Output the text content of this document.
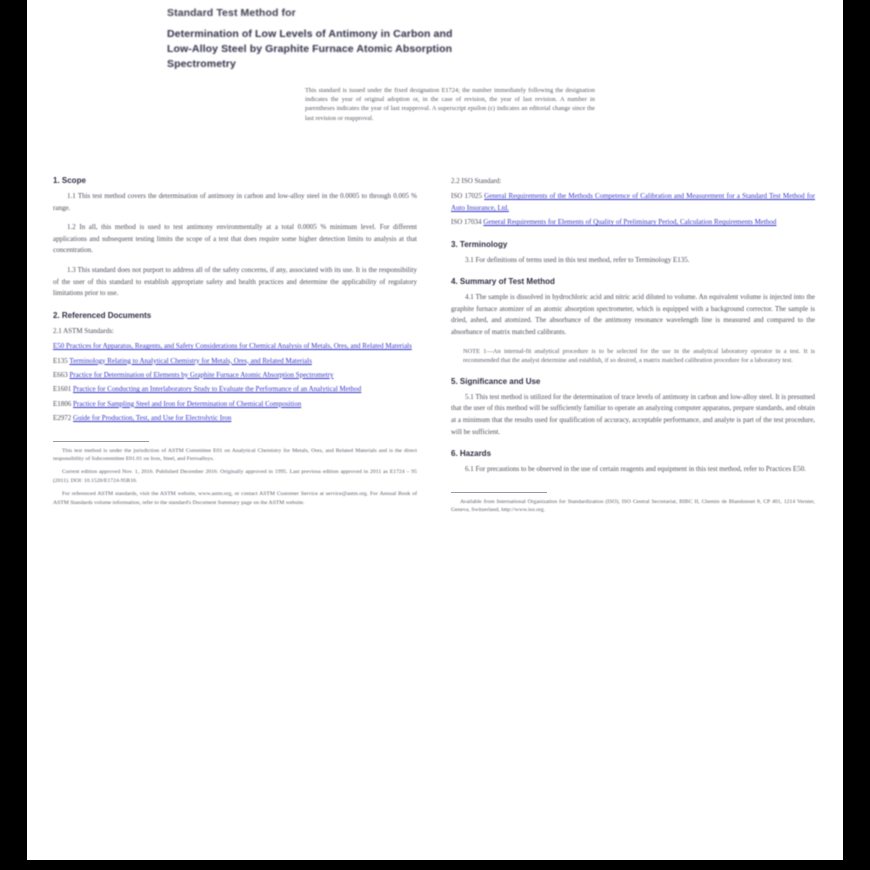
Standard Test Method for
Determination of Low Levels of Antimony in Carbon and
Low-Alloy Steel by Graphite Furnace Atomic Absorption
Spectrometry
This standard is issued under the fixed designation E1724; the number immediately following the designation indicates the year of original adoption or, in the case of revision, the year of last revision. A number in parentheses indicates the year of last reapproval. A superscript epsilon (ε) indicates an editorial change since the last revision or reapproval.
1. Scope

1.1 This test method covers the determination of antimony in carbon and low-alloy steel in the 0.0005 to through 0.005 % range.

1.2 In all, this method is used to test antimony environmentally at a total 0.0005 % minimum level. For different applications and subsequent testing limits the scope of a test that does require some higher detection limits to analysis at that concentration.

1.3 This standard does not purport to address all of the safety concerns, if any, associated with its use. It is the responsibility of the user of this standard to establish appropriate safety and health practices and determine the applicability of regulatory limitations prior to use.

2. Referenced Documents

2.1 ASTM Standards:

E50 Practices for Apparatus, Reagents, and Safety Considerations for Chemical Analysis of Metals, Ores, and Related Materials

E135 Terminology Relating to Analytical Chemistry for Metals, Ores, and Related Materials

E663 Practice for Determination of Elements by Graphite Furnace Atomic Absorption Spectrometry

E1601 Practice for Conducting an Interlaboratory Study to Evaluate the Performance of an Analytical Method

E1806 Practice for Sampling Steel and Iron for Determination of Chemical Composition

E2972 Guide for Production, Test, and Use for Electrolytic Iron

This test method is under the jurisdiction of ASTM Committee E01 on Analytical Chemistry for Metals, Ores, and Related Materials and is the direct responsibility of Subcommittee E01.01 on Iron, Steel, and Ferroalloys.

Current edition approved Nov. 1, 2016. Published December 2016. Originally approved in 1995. Last previous edition approved in 2011 as E1724 – 95 (2011). DOI: 10.1520/E1724-95R16.

For referenced ASTM standards, visit the ASTM website, www.astm.org, or contact ASTM Customer Service at service@astm.org. For Annual Book of ASTM Standards volume information, refer to the standard's Document Summary page on the ASTM website.

2.2 ISO Standard:

ISO 17025 General Requirements of the Methods Competence of Calibration and Measurement for a Standard Test Method for Auto Insurance, Ltd.

ISO 17034 General Requirements for Elements of Quality of Preliminary Period, Calculation Requirements Method

3. Terminology

3.1 For definitions of terms used in this test method, refer to Terminology E135.

4. Summary of Test Method

4.1 The sample is dissolved in hydrochloric acid and nitric acid diluted to volume. An equivalent volume is injected into the graphite furnace atomizer of an atomic absorption spectrometer, which is equipped with a background corrector. The sample is dried, ashed, and atomized. The absorbance of the antimony resonance wavelength line is measured and compared to the absorbance of matrix matched calibrants.

NOTE 1—An internal-fit analytical procedure is to be selected for the use in the analytical laboratory operator in a test. It is recommended that the analyst determine and establish, if so desired, a matrix matched calibration procedure for a laboratory test.

5. Significance and Use

5.1 This test method is utilized for the determination of trace levels of antimony in carbon and low-alloy steel. It is presumed that the user of this method will be sufficiently familiar to operate an analyzing computer apparatus, prepare standards, and obtain at a minimum that the results used for qualification of accuracy, acceptable performance, and analyte is part of the test procedure, will be sufficient.

6. Hazards

6.1 For precautions to be observed in the use of certain reagents and equipment in this test method, refer to Practices E50.

Available from International Organization for Standardization (ISO), ISO Central Secretariat, BIBC II, Chemin de Blandonnet 8, CP 401, 1214 Vernier, Geneva, Switzerland, http://www.iso.org.
